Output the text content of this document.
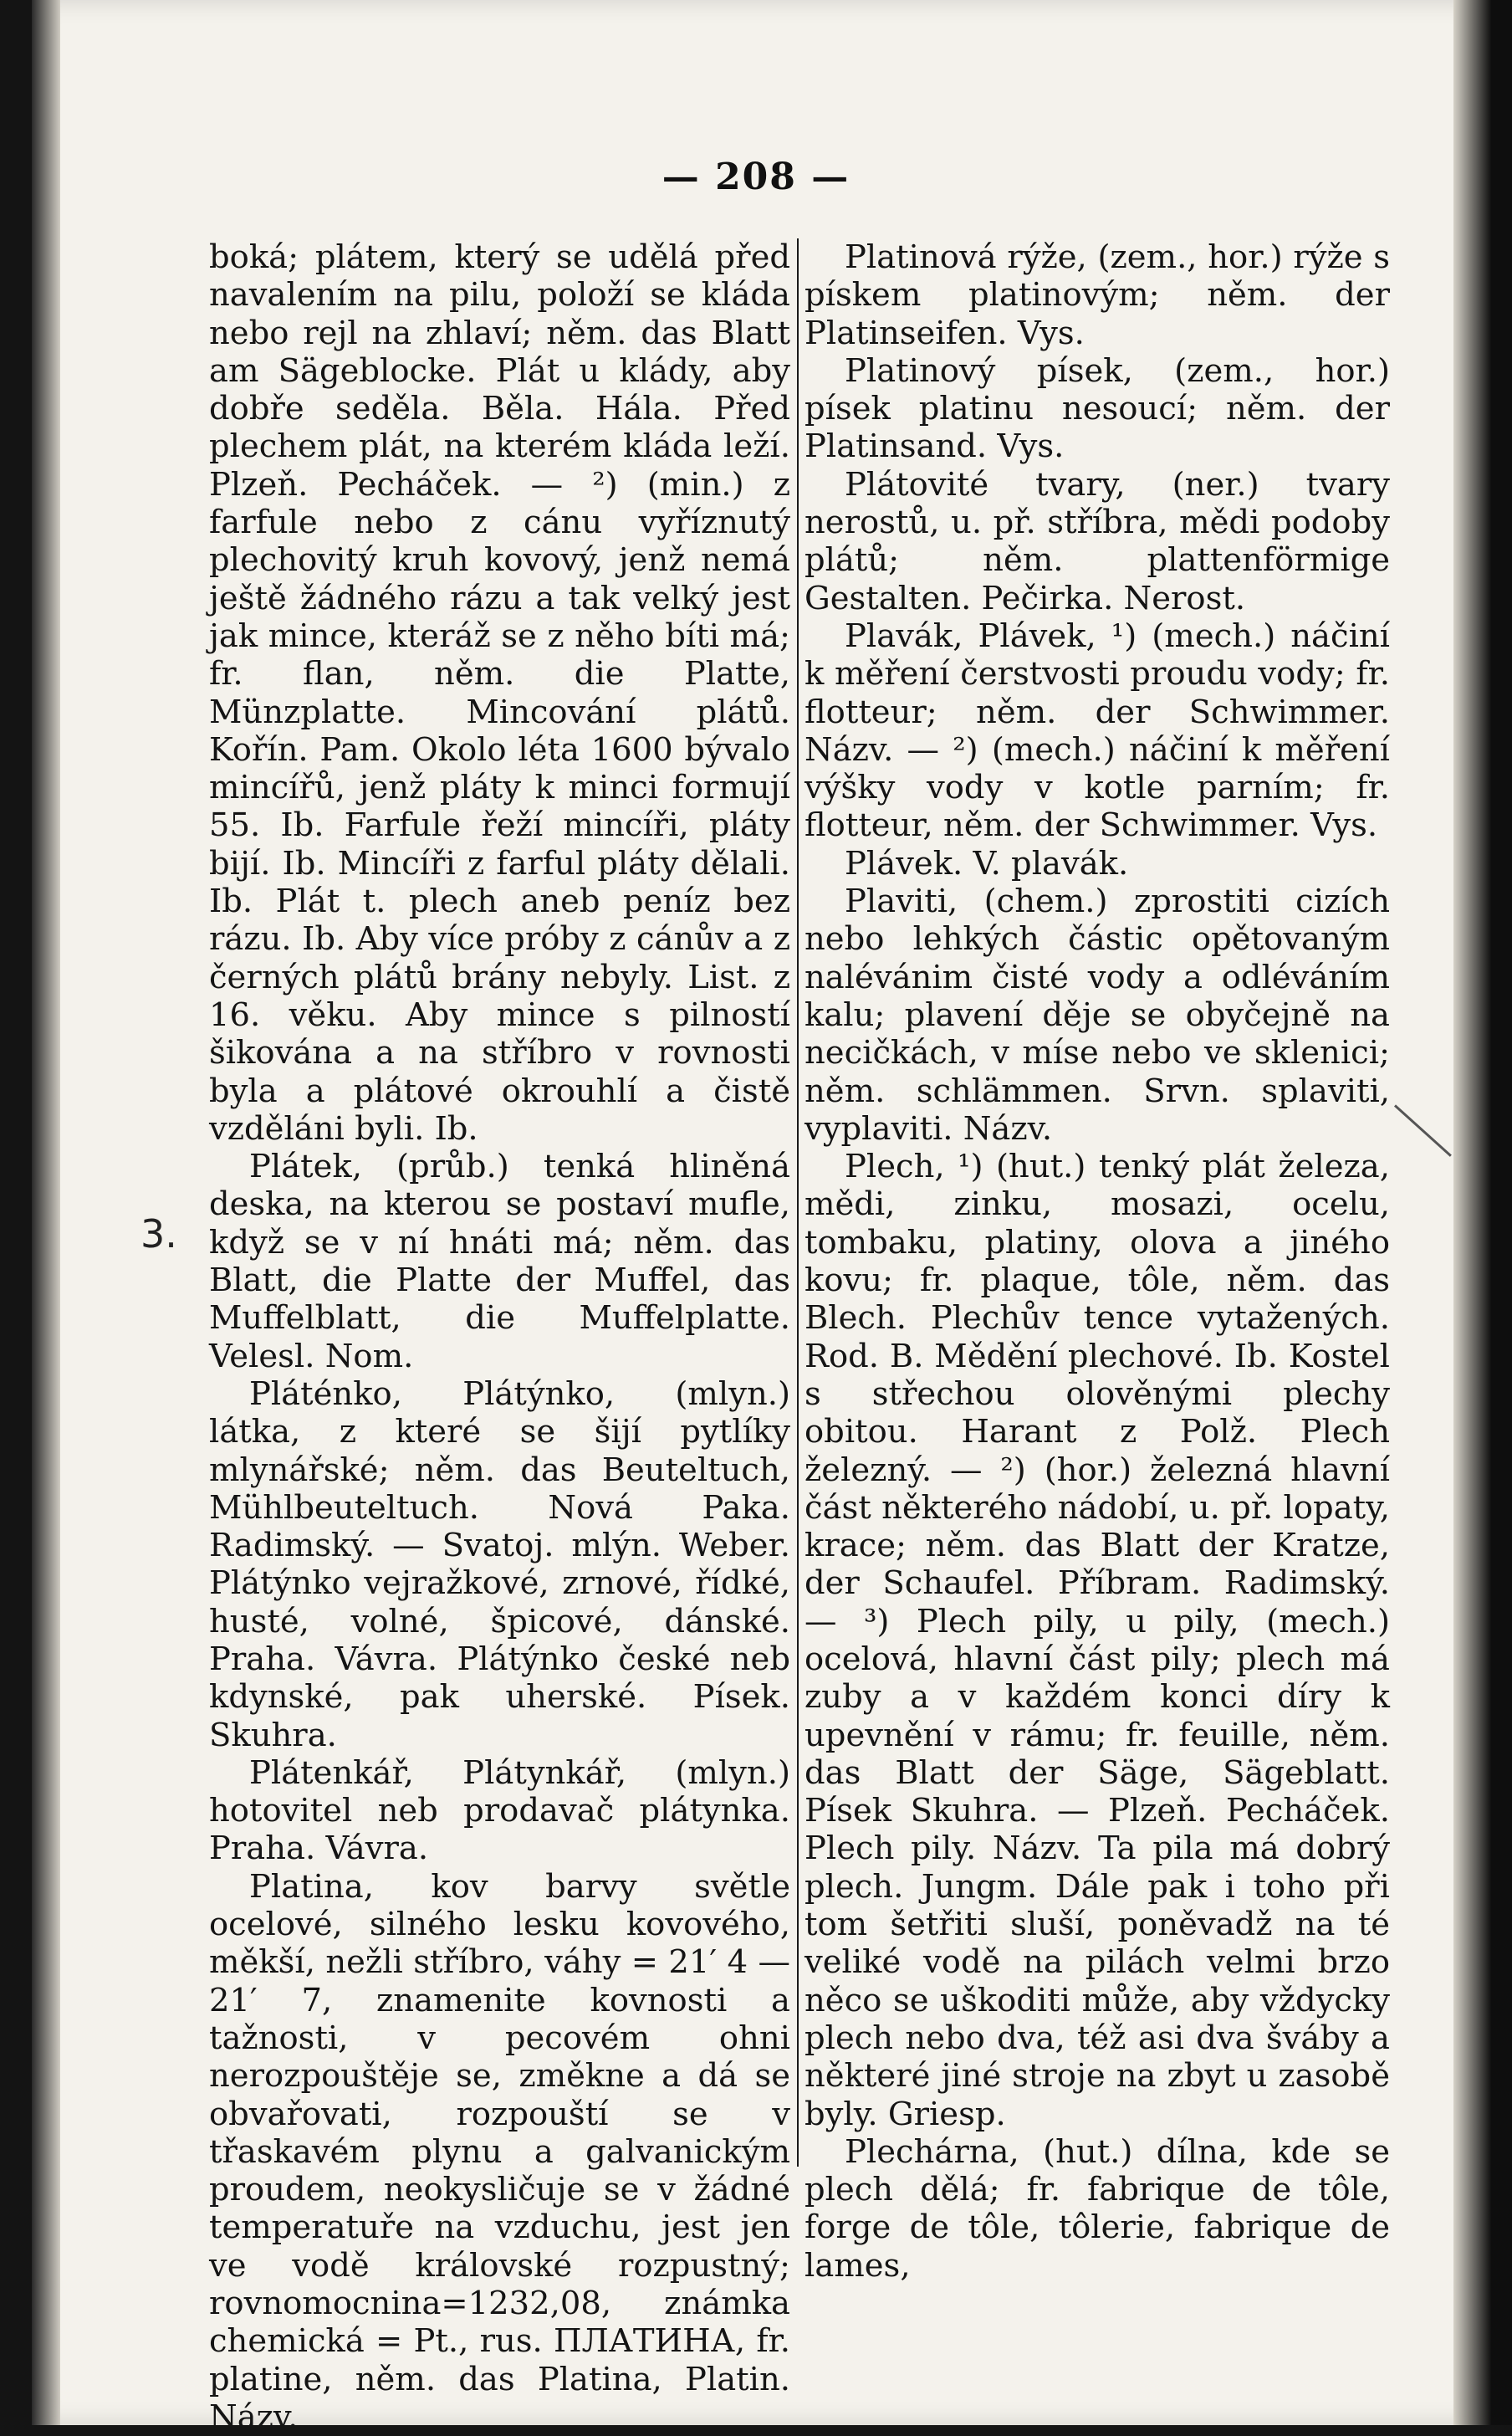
— 208 —
3.

boká; plátem, který se udělá před navalením na pilu, položí se kláda nebo rejl na zhlaví; něm. das Blatt am Sägeblocke. Plát u klády, aby dobře seděla. Běla. Hála. Před plechem plát, na kterém kláda leží. Plzeň. Pecháček. — ²) (min.) z farfule nebo z cánu vyříznutý plechovitý kruh kovový, jenž nemá ještě žádného rázu a tak velký jest jak mince, kteráž se z něho bíti má; fr. flan, něm. die Platte, Münzplatte. Mincování plátů. Kořín. Pam. Okolo léta 1600 bývalo mincířů, jenž pláty k minci formují 55. Ib. Farfule řeží mincíři, pláty bijí. Ib. Mincíři z farful pláty dělali. Ib. Plát t. plech aneb peníz bez rázu. Ib. Aby více próby z cánův a z černých plátů brány nebyly. List. z 16. věku. Aby mince s pilností šikována a na stříbro v rovnosti byla a plátové okrouhlí a čistě vzděláni byli. Ib.

Plátek, (průb.) tenká hliněná deska, na kterou se postaví mufle, když se v ní hnáti má; něm. das Blatt, die Platte der Muffel, das Muffelblatt, die Muffelplatte. Velesl. Nom.

Pláténko, Plátýnko, (mlyn.) látka, z které se šijí pytlíky mlynářské; něm. das Beuteltuch, Mühlbeuteltuch. Nová Paka. Radimský. — Svatoj. mlýn. Weber. Plátýnko vejražkové, zrnové, řídké, husté, volné, špicové, dánské. Praha. Vávra. Plátýnko české neb kdynské, pak uherské. Písek. Skuhra.

Plátenkář, Plátynkář, (mlyn.) hotovitel neb prodavač plátynka. Praha. Vávra.

Platina, kov barvy světle ocelové, silného lesku kovového, měkší, nežli stříbro, váhy = 21′ 4 — 21′ 7, znamenite kovnosti a tažnosti, v pecovém ohni nerozpouštěje se, změkne a dá se obvařovati, rozpouští se v třaskavém plynu a galvanickým proudem, neokysličuje se v žádné temperatuře na vzduchu, jest jen ve vodě královské rozpustný; rovnomocnina=1232,08, známka chemická = Pt., rus. ПЛАТИНА, fr. platine, něm. das Platina, Platin. Názv.

Platinová rýže, (zem., hor.) rýže s pískem platinovým; něm. der Platinseifen. Vys.

Platinový písek, (zem., hor.) písek platinu nesoucí; něm. der Platinsand. Vys.

Plátovité tvary, (ner.) tvary nerostů, u. př. stříbra, mědi podoby plátů; něm. plattenförmige Gestalten. Pečirka. Nerost.

Plavák, Plávek, ¹) (mech.) náčiní k měření čerstvosti proudu vody; fr. flotteur; něm. der Schwimmer. Názv. — ²) (mech.) náčiní k měření výšky vody v kotle parním; fr. flotteur, něm. der Schwimmer. Vys.

Plávek. V. plavák.

Plaviti, (chem.) zprostiti cizích nebo lehkých částic opětovaným nalévánim čisté vody a odléváním kalu; plavení děje se obyčejně na necičkách, v míse nebo ve sklenici; něm. schlämmen. Srvn. splaviti, vyplaviti. Názv.

Plech, ¹) (hut.) tenký plát železa, mědi, zinku, mosazi, ocelu, tombaku, platiny, olova a jiného kovu; fr. plaque, tôle, něm. das Blech. Plechův tence vytažených. Rod. B. Mědění plechové. Ib. Kostel s střechou olověnými plechy obitou. Harant z Polž. Plech železný. — ²) (hor.) železná hlavní část některého nádobí, u. př. lopaty, krace; něm. das Blatt der Kratze, der Schaufel. Příbram. Radimský. — ³) Plech pily, u pily, (mech.) ocelová, hlavní část pily; plech má zuby a v každém konci díry k upevnění v rámu; fr. feuille, něm. das Blatt der Säge, Sägeblatt. Písek Skuhra. — Plzeň. Pecháček. Plech pily. Názv. Ta pila má dobrý plech. Jungm. Dále pak i toho při tom šetřiti sluší, poněvadž na té veliké vodě na pilách velmi brzo něco se uškoditi může, aby vždycky plech nebo dva, též asi dva šváby a některé jiné stroje na zbyt u zasobě byly. Griesp.

Plechárna, (hut.) dílna, kde se plech dělá; fr. fabrique de tôle, forge de tôle, tôlerie, fabrique de lames,
